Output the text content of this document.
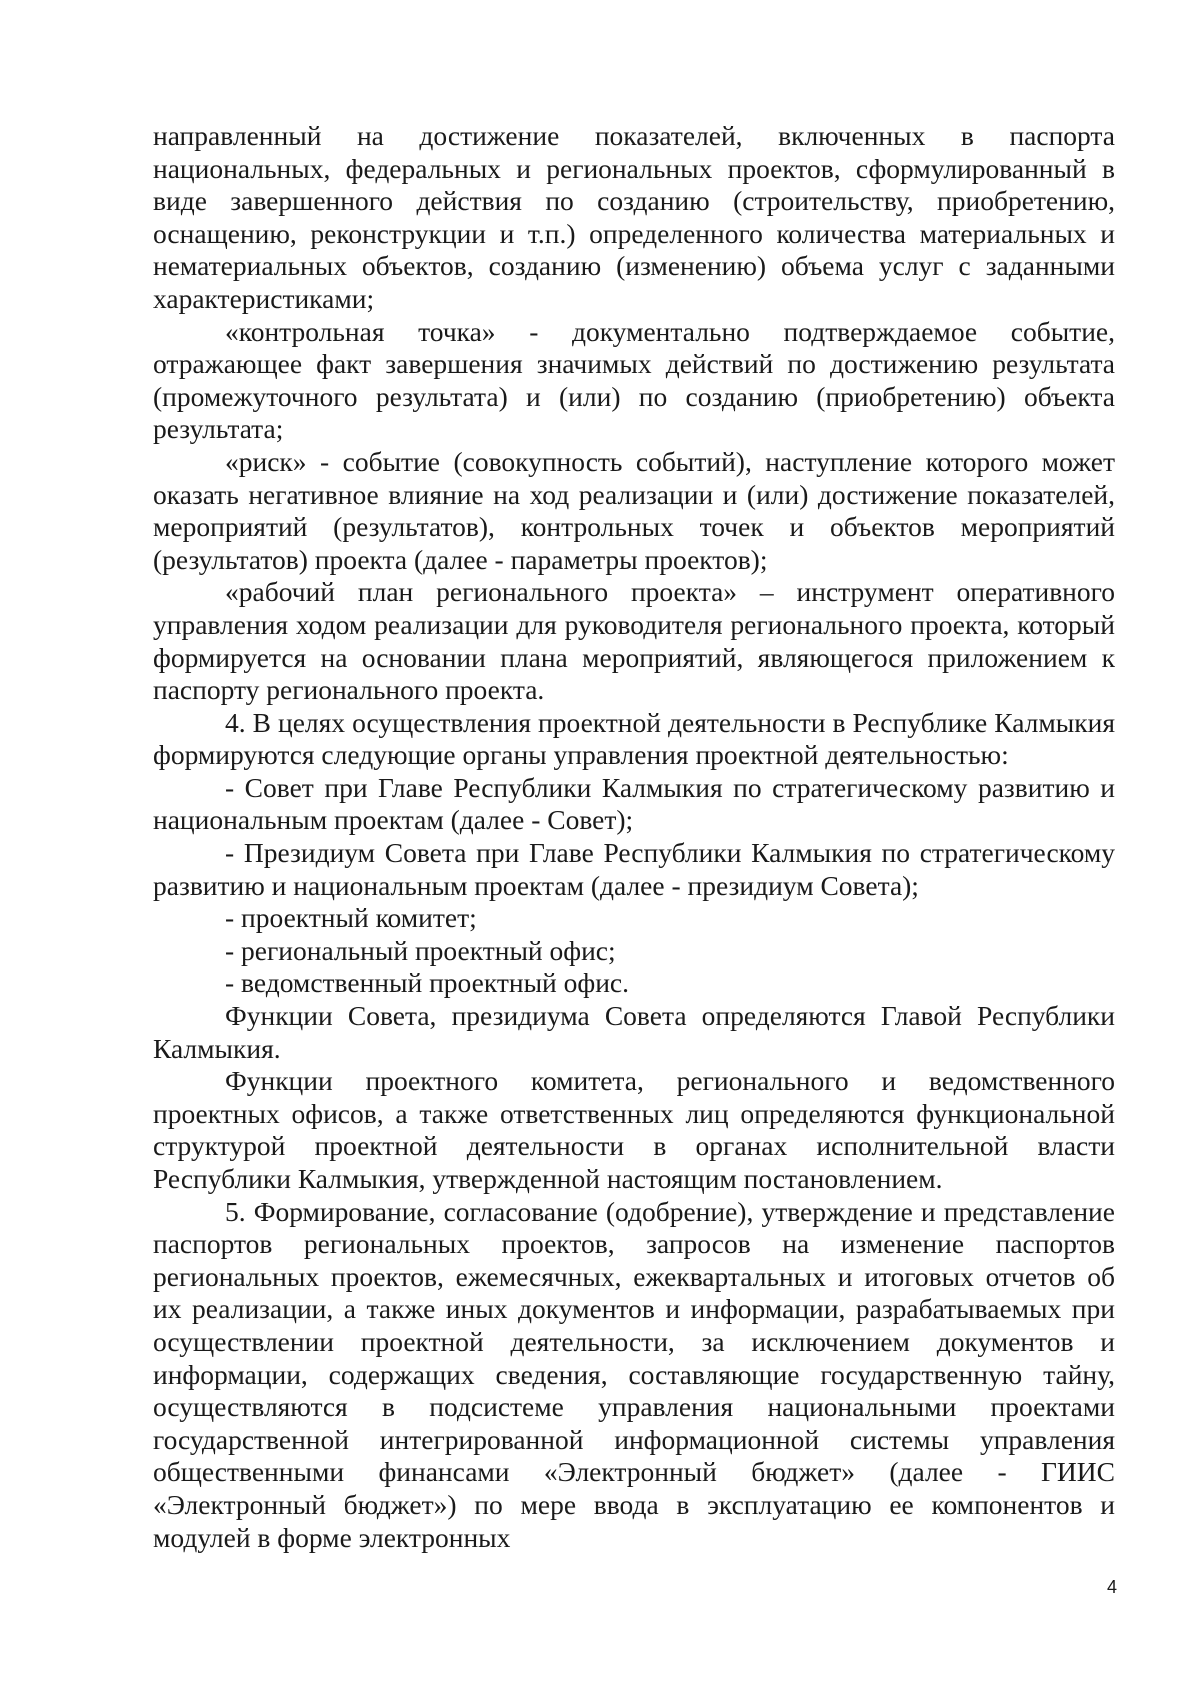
направленный на достижение показателей, включенных в паспорта национальных, федеральных и региональных проектов, сформулированный в виде завершенного действия по созданию (строительству, приобретению, оснащению, реконструкции и т.п.) определенного количества материальных и нематериальных объектов, созданию (изменению) объема услуг с заданными характеристиками;

«контрольная точка» - документально подтверждаемое событие, отражающее факт завершения значимых действий по достижению результата (промежуточного результата) и (или) по созданию (приобретению) объекта результата;

«риск» - событие (совокупность событий), наступление которого может оказать негативное влияние на ход реализации и (или) достижение показателей, мероприятий (результатов), контрольных точек и объектов мероприятий (результатов) проекта (далее - параметры проектов);

«рабочий план регионального проекта» – инструмент оперативного управления ходом реализации для руководителя регионального проекта, который формируется на основании плана мероприятий, являющегося приложением к паспорту регионального проекта.

4. В целях осуществления проектной деятельности в Республике Калмыкия формируются следующие органы управления проектной деятельностью:

- Совет при Главе Республики Калмыкия по стратегическому развитию и национальным проектам (далее - Совет);

- Президиум Совета при Главе Республики Калмыкия по стратегическому развитию и национальным проектам (далее - президиум Совета);

- проектный комитет;

- региональный проектный офис;

- ведомственный проектный офис.

Функции Совета, президиума Совета определяются Главой Республики Калмыкия.

Функции проектного комитета, регионального и ведомственного проектных офисов, а также ответственных лиц определяются функциональной структурой проектной деятельности в органах исполнительной власти Республики Калмыкия, утвержденной настоящим постановлением.

5. Формирование, согласование (одобрение), утверждение и представление паспортов региональных проектов, запросов на изменение паспортов региональных проектов, ежемесячных, ежеквартальных и итоговых отчетов об их реализации, а также иных документов и информации, разрабатываемых при осуществлении проектной деятельности, за исключением документов и информации, содержащих сведения, составляющие государственную тайну, осуществляются в подсистеме управления национальными проектами государственной интегрированной информационной системы управления общественными финансами «Электронный бюджет» (далее - ГИИС «Электронный бюджет») по мере ввода в эксплуатацию ее компонентов и модулей в форме электронных

4
